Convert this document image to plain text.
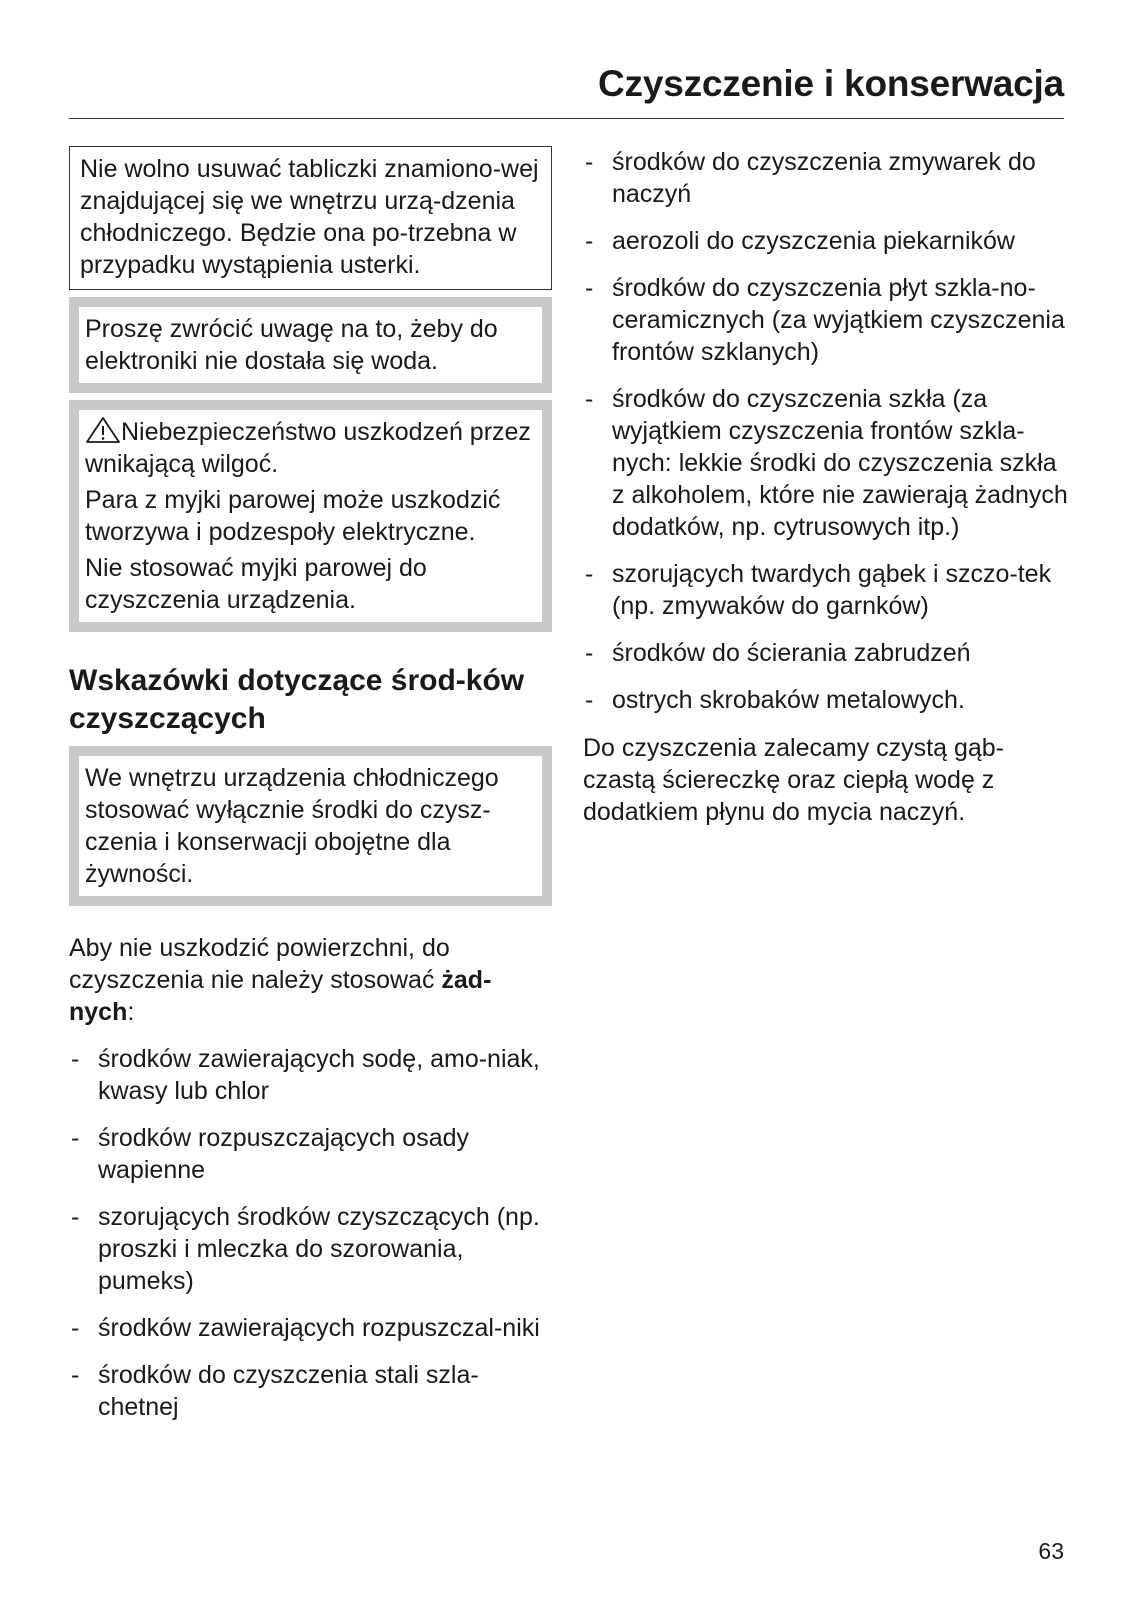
Czyszczenie i konserwacja
Nie wolno usuwać tabliczki znamiono-wej znajdującej się we wnętrzu urzą-dzenia chłodniczego. Będzie ona po-trzebna w przypadku wystąpienia usterki.

Proszę zwrócić uwagę na to, żeby do elektroniki nie dostała się woda.

Niebezpieczeństwo uszkodzeń przez wnikającą wilgoć.

Para z myjki parowej może uszkodzić tworzywa i podzespoły elektryczne.

Nie stosować myjki parowej do czyszczenia urządzenia.

Wskazówki dotyczące środ-ków czyszczących

We wnętrzu urządzenia chłodniczego stosować wyłącznie środki do czysz-czenia i konserwacji obojętne dla żywności.

Aby nie uszkodzić powierzchni, do czyszczenia nie należy stosować żad-nych:

- środków zawierających sodę, amo-niak, kwasy lub chlor
- środków rozpuszczających osady wapienne
- szorujących środków czyszczących (np. proszki i mleczka do szorowania, pumeks)
- środków zawierających rozpuszczal-niki
- środków do czyszczenia stali szla-chetnej
- środków do czyszczenia zmywarek do naczyń
- aerozoli do czyszczenia piekarników
- środków do czyszczenia płyt szkla-no-ceramicznych (za wyjątkiem czyszczenia frontów szklanych)
- środków do czyszczenia szkła (za wyjątkiem czyszczenia frontów szkla-nych: lekkie środki do czyszczenia szkła z alkoholem, które nie zawierają żadnych dodatków, np. cytrusowych itp.)
- szorujących twardych gąbek i szczo-tek (np. zmywaków do garnków)
- środków do ścierania zabrudzeń
- ostrych skrobaków metalowych.

Do czyszczenia zalecamy czystą gąb-czastą ściereczkę oraz ciepłą wodę z dodatkiem płynu do mycia naczyń.

63
